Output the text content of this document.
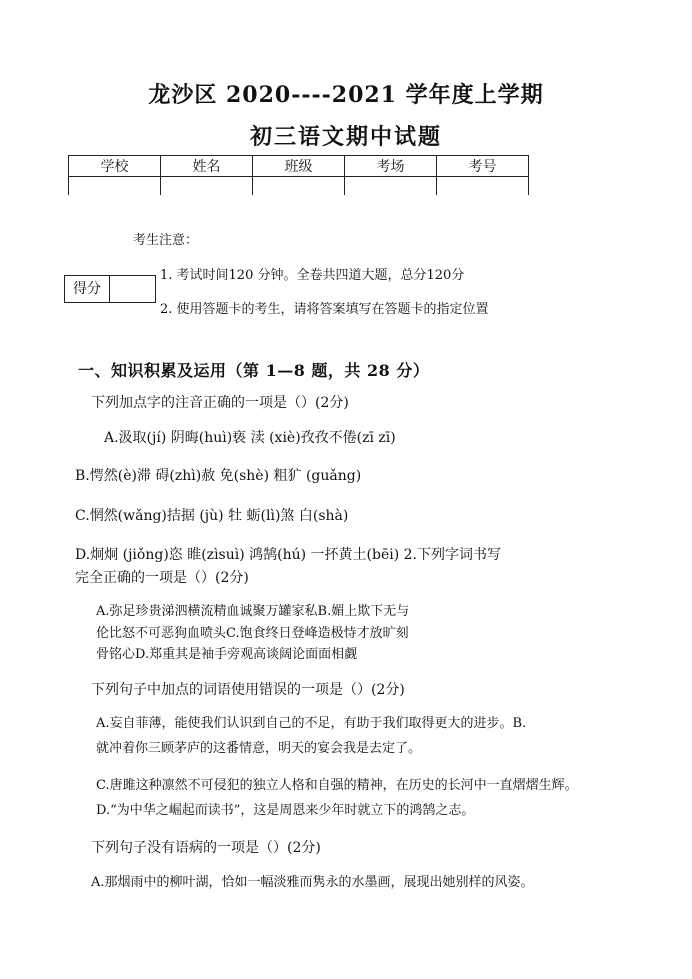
龙沙区 2020----2021 学年度上学期
初三语文期中试题
学校	姓名	班级	考场	考号

考生注意：
得分
1. 考试时间120 分钟。全卷共四道大题，总分120分
2. 使用答题卡的考生，请将答案填写在答题卡的指定位置
一、知识积累及运用（第 1—8 题，共 28 分）
下列加点字的注音正确的一项是（）(2分)
A.汲取(jí) 阴晦(huì)亵 渎 (xiè)孜孜不倦(zī zī)
B.愕然(è)滞 碍(zhì)赦 免(shè) 粗犷 (guǎng)
C.惘然(wǎng)拮据 (jù) 牡 蛎(lì)煞 白(shà)
D.炯炯 (jiǒng)恣 睢(zìsuì) 鸿鹄(hú) 一抔黄土(bēi) 2.下列字词书写
完全正确的一项是（）(2分)
A.弥足珍贵涕泗横流精血诚聚万罐家私B.媚上欺下无与
伦比怒不可恶狗血喷头C.饱食终日登峰造极恃才放旷刻
骨铭心D.郑重其是袖手旁观高谈阔论面面相觑
下列句子中加点的词语使用错误的一项是（）(2分)
A.妄自菲薄，能使我们认识到自己的不足，有助于我们取得更大的进步。B.
就冲着你三顾茅庐的这番情意，明天的宴会我是去定了。
C.唐雎这种凛然不可侵犯的独立人格和自强的精神，在历史的长河中一直熠熠生辉。
D.“为中华之崛起而读书”，这是周恩来少年时就立下的鸿鹄之志。
下列句子没有语病的一项是（）(2分)
A.那烟雨中的柳叶湖，恰如一幅淡雅而隽永的水墨画，展现出她别样的风姿。
